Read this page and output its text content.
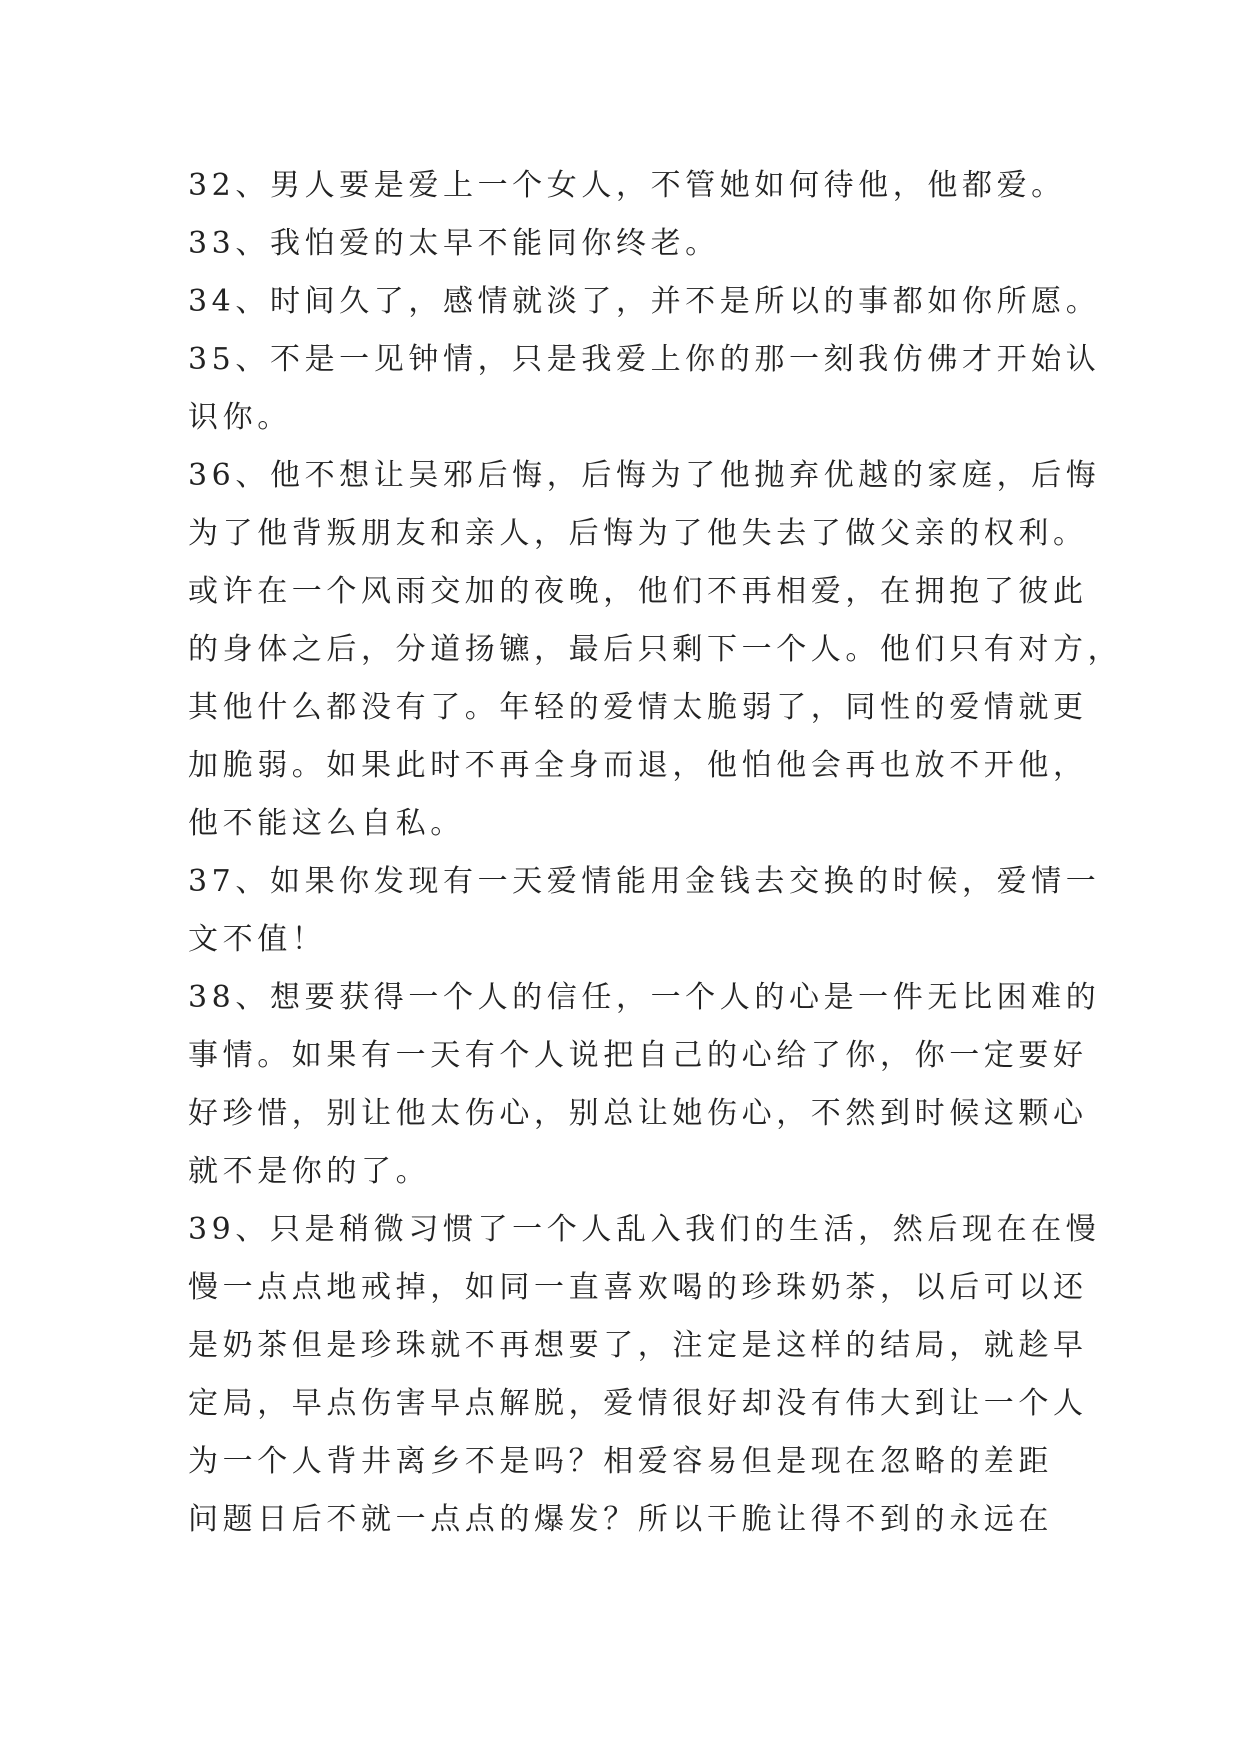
32、男人要是爱上一个女人，不管她如何待他，他都爱。
33、我怕爱的太早不能同你终老。
34、时间久了，感情就淡了，并不是所以的事都如你所愿。
35、不是一见钟情，只是我爱上你的那一刻我仿佛才开始认
识你。
36、他不想让吴邪后悔，后悔为了他抛弃优越的家庭，后悔
为了他背叛朋友和亲人，后悔为了他失去了做父亲的权利。
或许在一个风雨交加的夜晚，他们不再相爱，在拥抱了彼此
的身体之后，分道扬镳，最后只剩下一个人。他们只有对方，
其他什么都没有了。年轻的爱情太脆弱了，同性的爱情就更
加脆弱。如果此时不再全身而退，他怕他会再也放不开他，
他不能这么自私。
37、如果你发现有一天爱情能用金钱去交换的时候，爱情一
文不值！
38、想要获得一个人的信任，一个人的心是一件无比困难的
事情。如果有一天有个人说把自己的心给了你，你一定要好
好珍惜，别让他太伤心，别总让她伤心，不然到时候这颗心
就不是你的了。
39、只是稍微习惯了一个人乱入我们的生活，然后现在在慢
慢一点点地戒掉，如同一直喜欢喝的珍珠奶茶，以后可以还
是奶茶但是珍珠就不再想要了，注定是这样的结局，就趁早
定局，早点伤害早点解脱，爱情很好却没有伟大到让一个人
为一个人背井离乡不是吗？相爱容易但是现在忽略的差距
问题日后不就一点点的爆发？所以干脆让得不到的永远在
